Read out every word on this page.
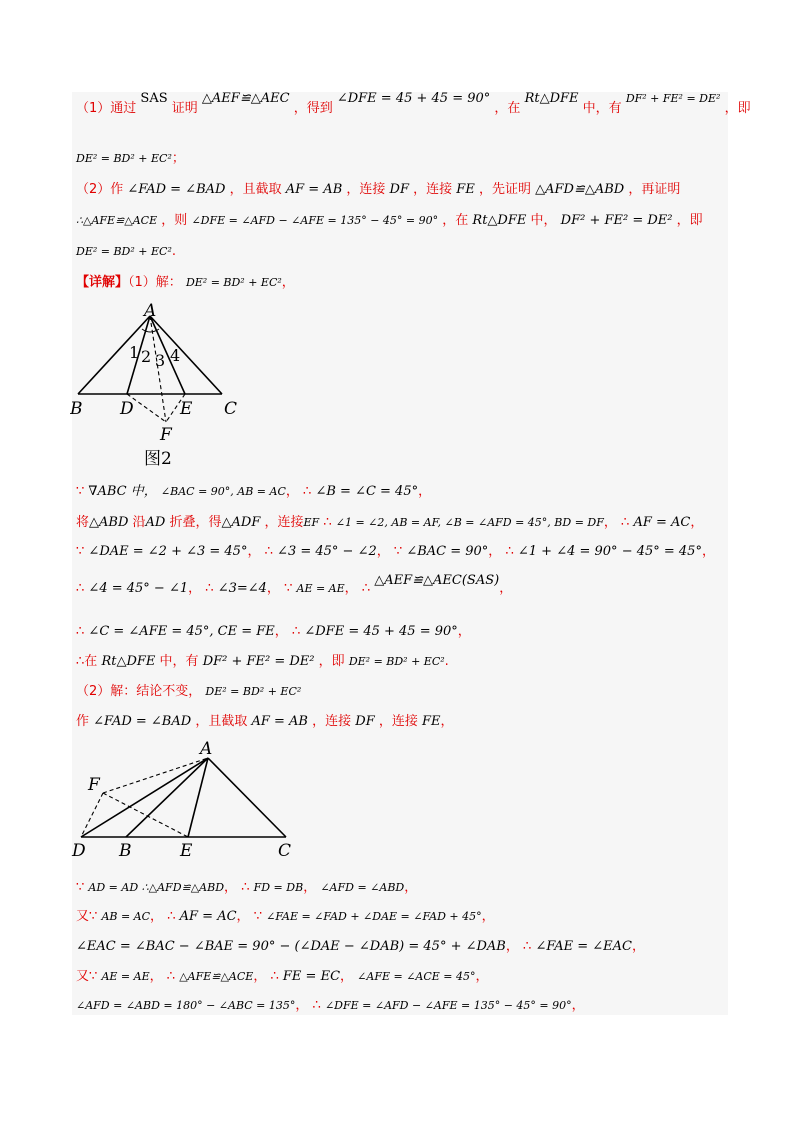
（1）通过 SAS 证明 △AEF≌△AEC ，得到 ∠DFE = 45 + 45 = 90° ，在 Rt△DFE 中，有 $^{DF^2 + FE^2 = DE^2}$ ，即
DE² = BD² + EC²；
（2）作 ∠FAD = ∠BAD ，且截取 AF = AB ，连接 DF ，连接 FE ，先证明 △AFD≌△ABD ，再证明
∴△AFE≌△ACE ，则 ∠DFE = ∠AFD − ∠AFE = 135° − 45° = 90° ，在 Rt△DFE 中， DF² + FE² = DE² ，即
DE² = BD² + EC².
【详解】（1）解： DE² = BD² + EC²，
A
B	C
D	E
F
1 2 3 4
图2
∵ ∇ABC 中， ∠BAC = 90°, AB = AC， ∴ ∠B = ∠C = 45°，
将△ABD 沿AD 折叠，得△ADF ，连接EF ∴ ∠1 = ∠2, AB = AF, ∠B = ∠AFD = 45°, BD = DF， ∴ AF = AC，
∵ ∠DAE = ∠2 + ∠3 = 45°， ∴ ∠3 = 45° − ∠2， ∵ ∠BAC = 90°， ∴ ∠1 + ∠4 = 90° − 45° = 45°，
∴ ∠4 = 45° − ∠1， ∴ ∠3=∠4， ∵ AE = AE， ∴ △AEF≌△AEC(SAS)，
∴ ∠C = ∠AFE = 45°, CE = FE， ∴ ∠DFE = 45 + 45 = 90°，
∴在 Rt△DFE 中，有 DF² + FE² = DE² ，即 DE² = BD² + EC².
（2）解：结论不变， DE² = BD² + EC²
作 ∠FAD = ∠BAD ，且截取 AF = AB ，连接 DF ，连接 FE，
A
F
D B	E	C
∵ AD = AD ∴△AFD≌△ABD， ∴ FD = DB， ∠AFD = ∠ABD，
又∵ AB = AC， ∴ AF = AC， ∵ ∠FAE = ∠FAD + ∠DAE = ∠FAD + 45°，
∠EAC = ∠BAC − ∠BAE = 90° − (∠DAE − ∠DAB) = 45° + ∠DAB， ∴ ∠FAE = ∠EAC，
又∵ AE = AE， ∴ △AFE≌△ACE， ∴ FE = EC， ∠AFE = ∠ACE = 45°，
∠AFD = ∠ABD = 180° − ∠ABC = 135°， ∴ ∠DFE = ∠AFD − ∠AFE = 135° − 45° = 90°，
